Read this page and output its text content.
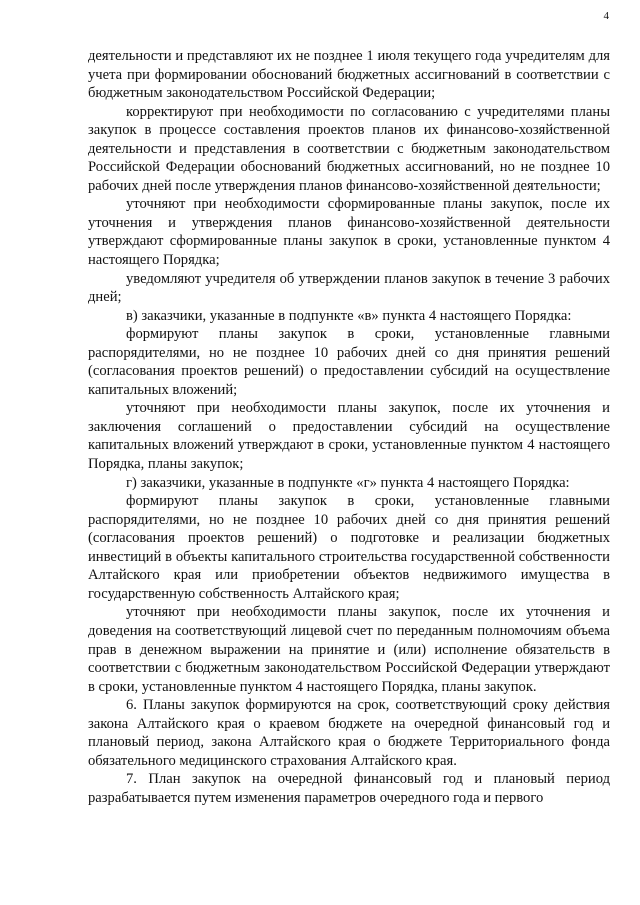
4

деятельности и представляют их не позднее 1 июля текущего года учредителям для учета при формировании обоснований бюджетных ассигнований в соответствии с бюджетным законодательством Российской Федерации;

корректируют при необходимости по согласованию с учредителями планы закупок в процессе составления проектов планов их финансово-хозяйственной деятельности и представления в соответствии с бюджетным законодательством Российской Федерации обоснований бюджетных ассигнований, но не позднее 10 рабочих дней после утверждения планов финансово-хозяйственной деятельности;

уточняют при необходимости сформированные планы закупок, после их уточнения и утверждения планов финансово-хозяйственной деятельности утверждают сформированные планы закупок в сроки, установленные пунктом 4 настоящего Порядка;

уведомляют учредителя об утверждении планов закупок в течение 3 рабочих дней;

в) заказчики, указанные в подпункте «в» пункта 4 настоящего Порядка:

формируют планы закупок в сроки, установленные главными распорядителями, но не позднее 10 рабочих дней со дня принятия решений (согласования проектов решений) о предоставлении субсидий на осуществление капитальных вложений;

уточняют при необходимости планы закупок, после их уточнения и заключения соглашений о предоставлении субсидий на осуществление капитальных вложений утверждают в сроки, установленные пунктом 4 настоящего Порядка, планы закупок;

г) заказчики, указанные в подпункте «г» пункта 4 настоящего Порядка:

формируют планы закупок в сроки, установленные главными распорядителями, но не позднее 10 рабочих дней со дня принятия решений (согласования проектов решений) о подготовке и реализации бюджетных инвестиций в объекты капитального строительства государственной собственности Алтайского края или приобретении объектов недвижимого имущества в государственную собственность Алтайского края;

уточняют при необходимости планы закупок, после их уточнения и доведения на соответствующий лицевой счет по переданным полномочиям объема прав в денежном выражении на принятие и (или) исполнение обязательств в соответствии с бюджетным законодательством Российской Федерации утверждают в сроки, установленные пунктом 4 настоящего Порядка, планы закупок.

6. Планы закупок формируются на срок, соответствующий сроку действия закона Алтайского края о краевом бюджете на очередной финансовый год и плановый период, закона Алтайского края о бюджете Территориального фонда обязательного медицинского страхования Алтайского края.

7. План закупок на очередной финансовый год и плановый период разрабатывается путем изменения параметров очередного года и первого
